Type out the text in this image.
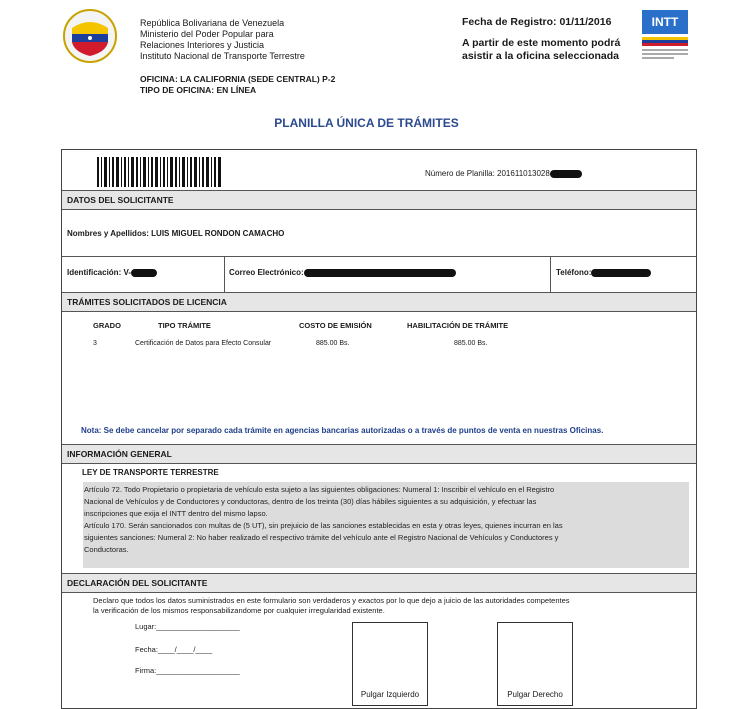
República Bolivariana de Venezuela
Ministerio del Poder Popular para
Relaciones Interiores y Justicia
Instituto Nacional de Transporte Terrestre
Fecha de Registro: 01/11/2016
A partir de este momento podrá
asistir a la oficina seleccionada
INTT
OFICINA: LA CALIFORNIA (SEDE CENTRAL) P-2
TIPO DE OFICINA: EN LÍNEA
PLANILLA ÚNICA DE TRÁMITES
Número de Planilla: 201611013028
DATOS DEL SOLICITANTE
Nombres y Apellidos: LUIS MIGUEL RONDON CAMACHO
Identificación: V-	Correo Electrónico:	Teléfono:
TRÁMITES SOLICITADOS DE LICENCIA
GRADO	TIPO TRÁMITE	COSTO DE EMISIÓN	HABILITACIÓN DE TRÁMITE
3	Certificación de Datos para Efecto Consular	885.00 Bs.	885.00 Bs.
Nota: Se debe cancelar por separado cada trámite en agencias bancarias autorizadas o a través de puntos de venta en nuestras Oficinas.
INFORMACIÓN GENERAL
LEY DE TRANSPORTE TERRESTRE
Artículo 72. Todo Propietario o propietaria de vehículo esta sujeto a las siguientes obligaciones: Numeral 1: Inscribir el vehículo en el Registro
Nacional de Vehículos y de Conductores y conductoras, dentro de los treinta (30) días hábiles siguientes a su adquisición, y efectuar las
inscripciones que exija el INTT dentro del mismo lapso.
Artículo 170. Serán sancionados con multas de (5 UT), sin prejuicio de las sanciones establecidas en esta y otras leyes, quienes incurran en las
siguientes sanciones: Numeral 2: No haber realizado el respectivo trámite del vehículo ante el Registro Nacional de Vehículos y Conductores y
Conductoras.
DECLARACIÓN DEL SOLICITANTE
Declaro que todos los datos suministrados en este formulario son verdaderos y exactos por lo que dejo a juicio de las autoridades competentes
la verificación de los mismos responsabilizandome por cualquier irregularidad existente.
Lugar:____________________
Fecha:____/____/____
Firma:____________________
Pulgar Izquierdo	Pulgar Derecho
